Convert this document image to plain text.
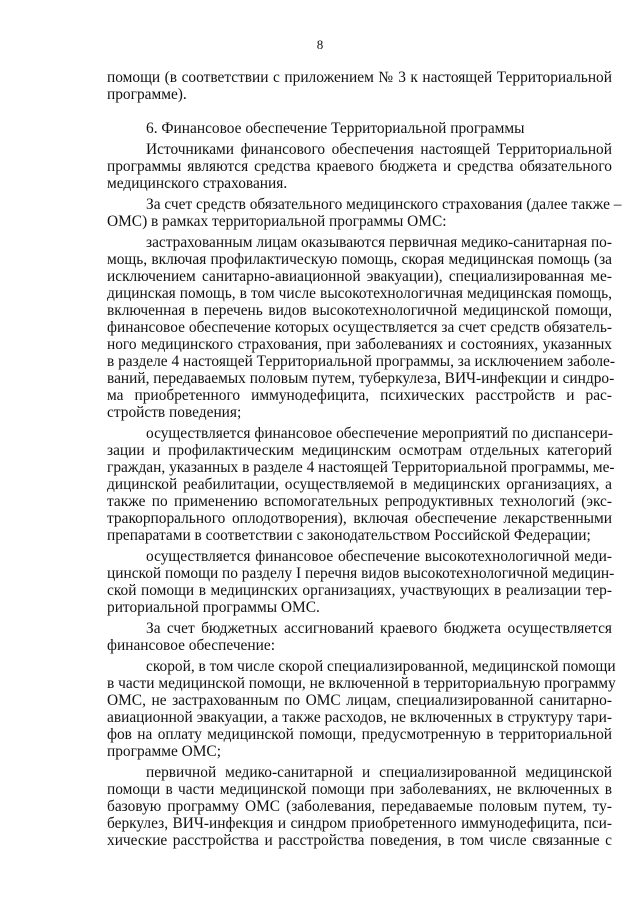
8
помощи (в соответствии с приложением № 3 к настоящей Территориальной
программе).
6. Финансовое обеспечение Территориальной программы
Источниками финансового обеспечения настоящей Территориальной
программы являются средства краевого бюджета и средства обязательного
медицинского страхования.
За счет средств обязательного медицинского страхования (далее также –
ОМС) в рамках территориальной программы ОМС:
застрахованным лицам оказываются первичная медико-санитарная по-
мощь, включая профилактическую помощь, скорая медицинская помощь (за
исключением санитарно-авиационной эвакуации), специализированная ме-
дицинская помощь, в том числе высокотехнологичная медицинская помощь,
включенная в перечень видов высокотехнологичной медицинской помощи,
финансовое обеспечение которых осуществляется за счет средств обязатель-
ного медицинского страхования, при заболеваниях и состояниях, указанных
в разделе 4 настоящей Территориальной программы, за исключением заболе-
ваний, передаваемых половым путем, туберкулеза, ВИЧ-инфекции и синдро-
ма приобретенного иммунодефицита, психических расстройств и рас-
стройств поведения;
осуществляется финансовое обеспечение мероприятий по диспансери-
зации и профилактическим медицинским осмотрам отдельных категорий
граждан, указанных в разделе 4 настоящей Территориальной программы, ме-
дицинской реабилитации, осуществляемой в медицинских организациях, а
также по применению вспомогательных репродуктивных технологий (экс-
тракорпорального оплодотворения), включая обеспечение лекарственными
препаратами в соответствии с законодательством Российской Федерации;
осуществляется финансовое обеспечение высокотехнологичной меди-
цинской помощи по разделу I перечня видов высокотехнологичной медицин-
ской помощи в медицинских организациях, участвующих в реализации тер-
риториальной программы ОМС.
За счет бюджетных ассигнований краевого бюджета осуществляется
финансовое обеспечение:
скорой, в том числе скорой специализированной, медицинской помощи
в части медицинской помощи, не включенной в территориальную программу
ОМС, не застрахованным по ОМС лицам, специализированной санитарно-
авиационной эвакуации, а также расходов, не включенных в структуру тари-
фов на оплату медицинской помощи, предусмотренную в территориальной
программе ОМС;
первичной медико-санитарной и специализированной медицинской
помощи в части медицинской помощи при заболеваниях, не включенных в
базовую программу ОМС (заболевания, передаваемые половым путем, ту-
беркулез, ВИЧ-инфекция и синдром приобретенного иммунодефицита, пси-
хические расстройства и расстройства поведения, в том числе связанные с
